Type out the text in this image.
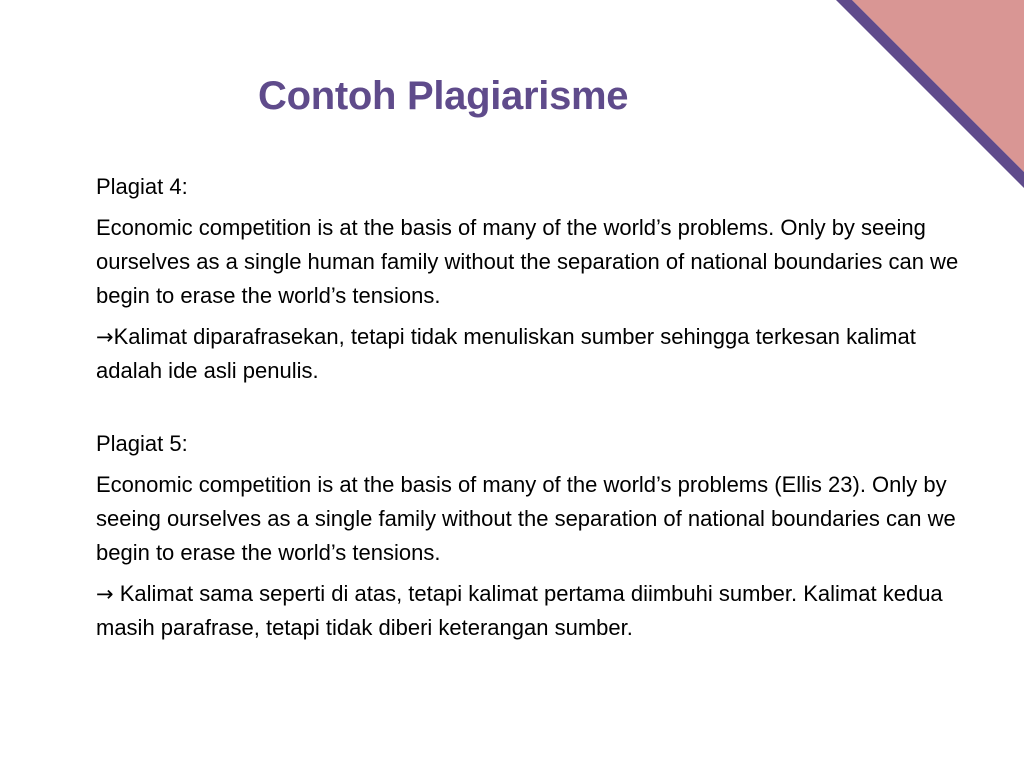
Contoh Plagiarisme

Plagiat 4:

Economic competition is at the basis of many of the world’s problems. Only by seeing ourselves as a single human family without the separation of national boundaries can we begin to erase the world’s tensions.

→Kalimat diparafrasekan, tetapi tidak menuliskan sumber sehingga terkesan kalimat adalah ide asli penulis.

Plagiat 5:

Economic competition is at the basis of many of the world’s problems (Ellis 23). Only by seeing ourselves as a single family without the separation of national boundaries can we begin to erase the world’s tensions.

→ Kalimat sama seperti di atas, tetapi kalimat pertama diimbuhi sumber. Kalimat kedua masih parafrase, tetapi tidak diberi keterangan sumber.
